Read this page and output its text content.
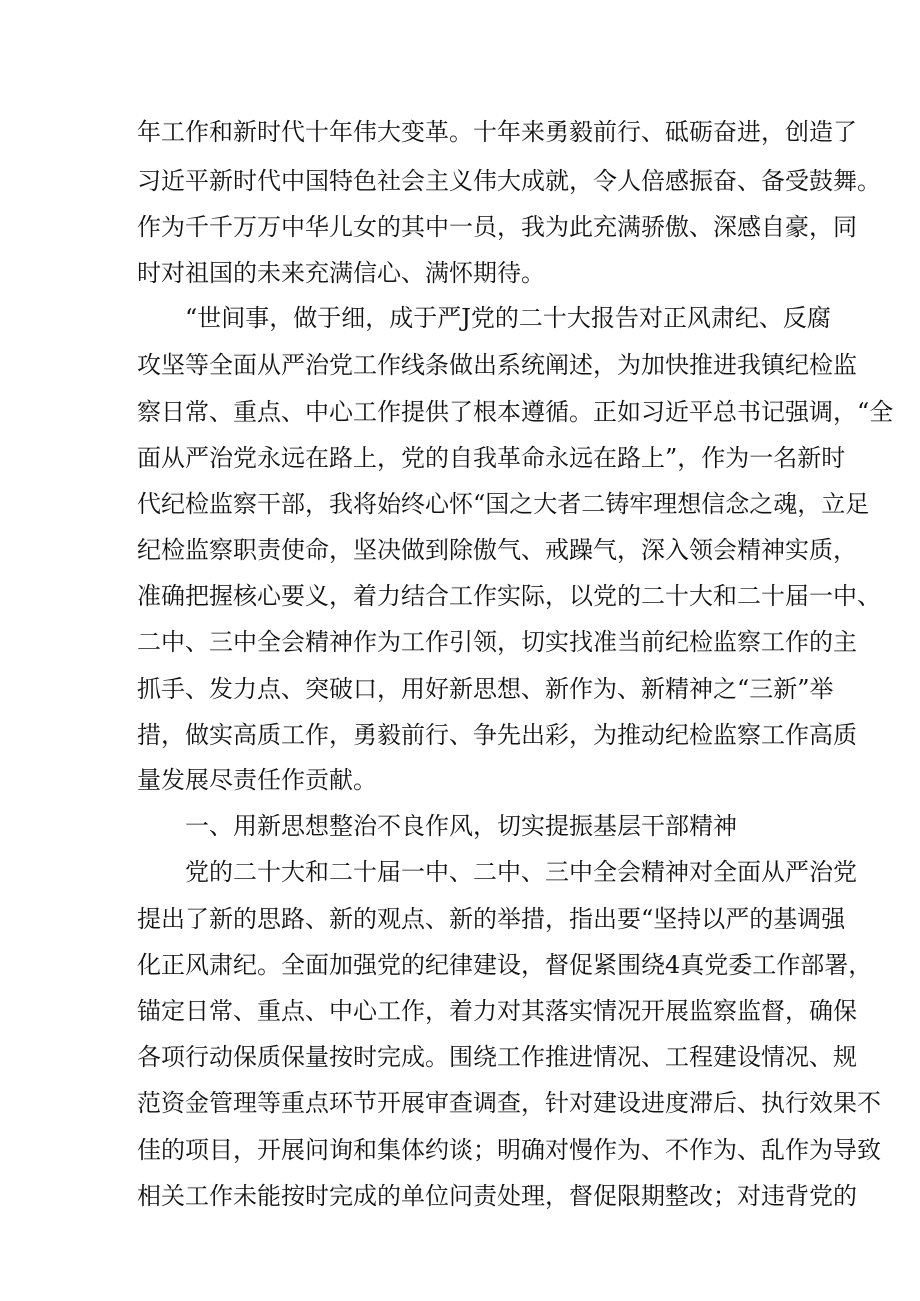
年工作和新时代十年伟大变革。十年来勇毅前行、砥砺奋进，创造了
习近平新时代中国特色社会主义伟大成就，令人倍感振奋、备受鼓舞。
作为千千万万中华儿女的其中一员，我为此充满骄傲、深感自豪，同
时对祖国的未来充满信心、满怀期待。
“世间事，做于细，成于严J党的二十大报告对正风肃纪、反腐
攻坚等全面从严治党工作线条做出系统阐述，为加快推进我镇纪检监
察日常、重点、中心工作提供了根本遵循。正如习近平总书记强调，“全
面从严治党永远在路上，党的自我革命永远在路上”，作为一名新时
代纪检监察干部，我将始终心怀“国之大者二铸牢理想信念之魂，立足
纪检监察职责使命，坚决做到除傲气、戒躁气，深入领会精神实质，
准确把握核心要义，着力结合工作实际，以党的二十大和二十届一中、
二中、三中全会精神作为工作引领，切实找准当前纪检监察工作的主
抓手、发力点、突破口，用好新思想、新作为、新精神之“三新”举
措，做实高质工作，勇毅前行、争先出彩，为推动纪检监察工作高质
量发展尽责任作贡献。
一、用新思想整治不良作风，切实提振基层干部精神
党的二十大和二十届一中、二中、三中全会精神对全面从严治党
提出了新的思路、新的观点、新的举措，指出要“坚持以严的基调强
化正风肃纪。全面加强党的纪律建设，督促紧围绕4真党委工作部署，
锚定日常、重点、中心工作，着力对其落实情况开展监察监督，确保
各项行动保质保量按时完成。围绕工作推进情况、工程建设情况、规
范资金管理等重点环节开展审查调查，针对建设进度滞后、执行效果不
佳的项目，开展问询和集体约谈；明确对慢作为、不作为、乱作为导致
相关工作未能按时完成的单位问责处理，督促限期整改；对违背党的
